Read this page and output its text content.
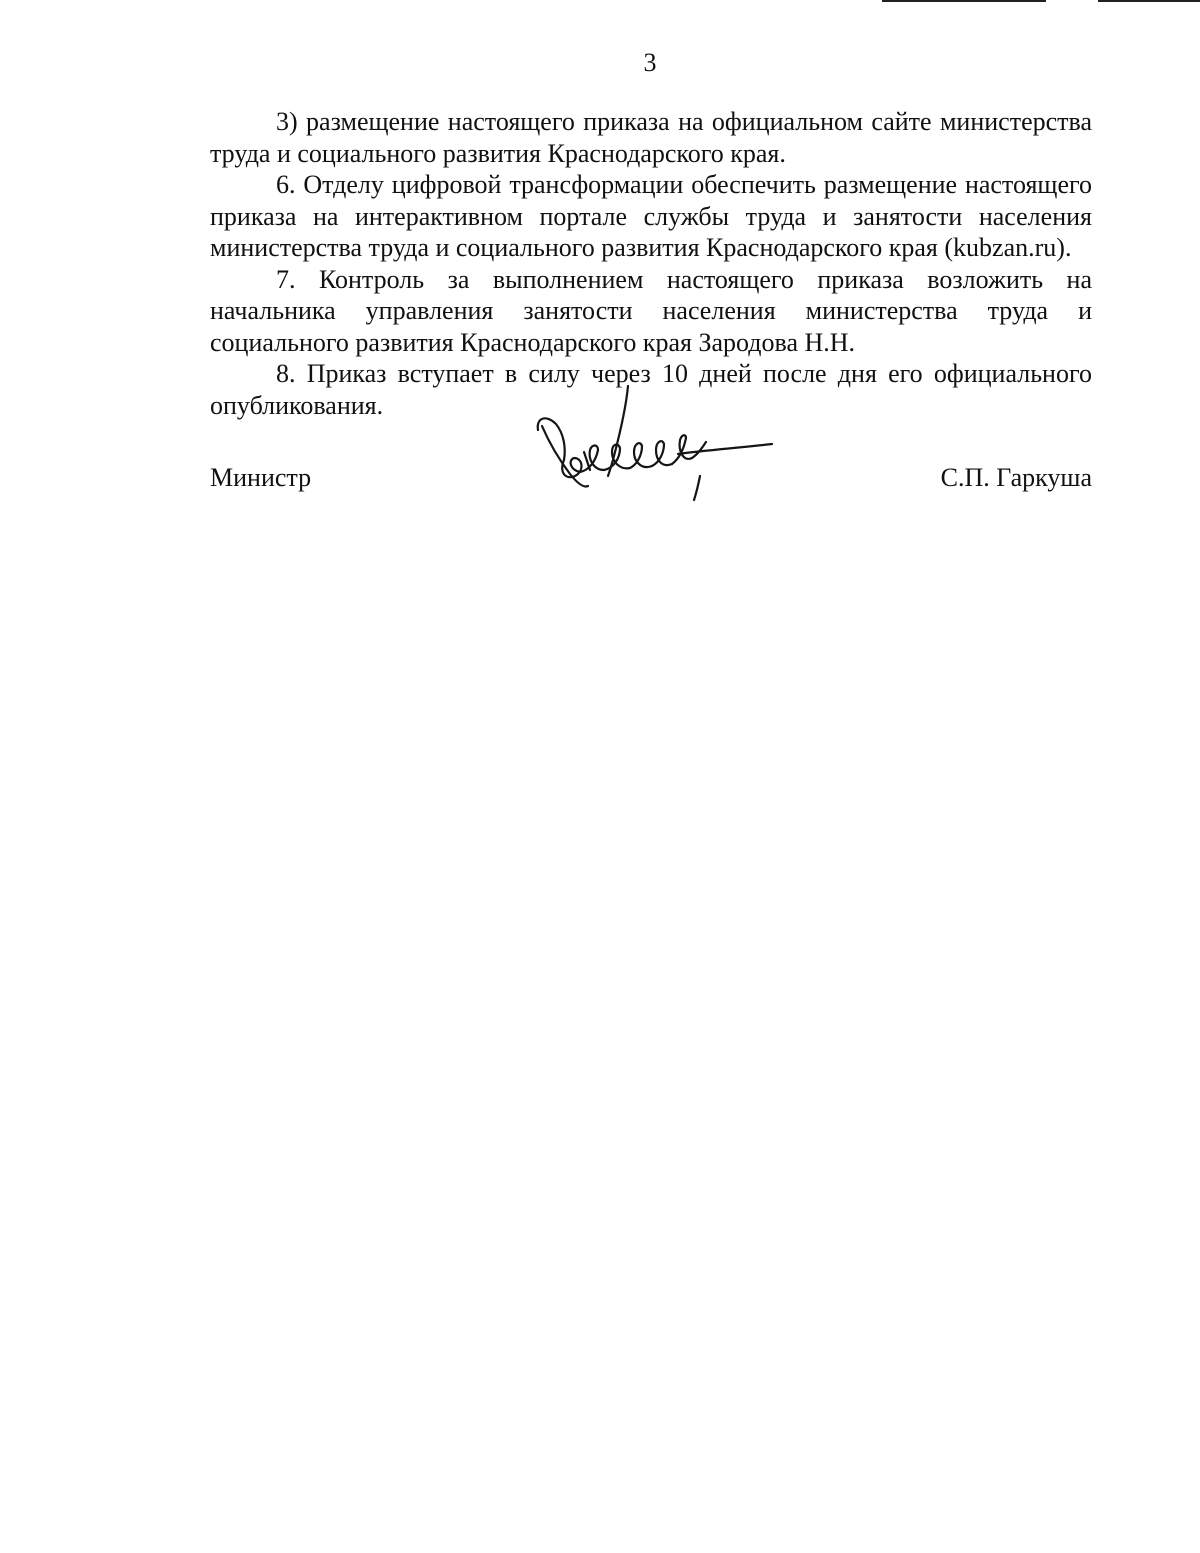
3

3) размещение настоящего приказа на официальном сайте министерства труда и социального развития Краснодарского края.

6. Отделу цифровой трансформации обеспечить размещение настоящего приказа на интерактивном портале службы труда и занятости населения министерства труда и социального развития Краснодарского края (kubzan.ru).

7. Контроль за выполнением настоящего приказа возложить на начальника управления занятости населения министерства труда и социального развития Краснодарского края Зародова Н.Н.

8. Приказ вступает в силу через 10 дней после дня его официального опубликования.

Министр	С.П. Гаркуша
